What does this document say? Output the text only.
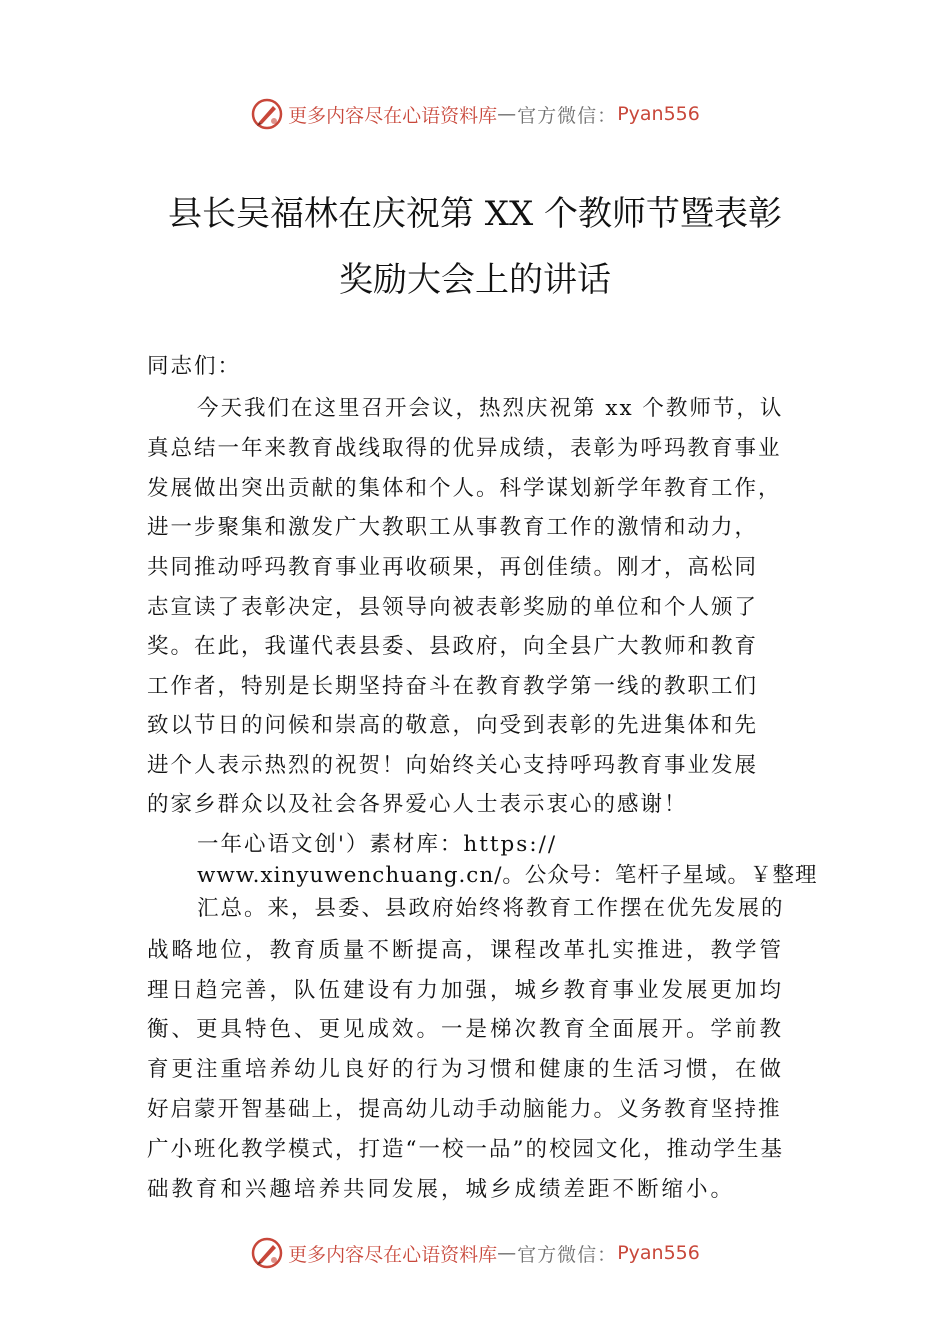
更多内容尽在心语资料库 — 官方微信： Pyan556
县长吴福林在庆祝第 XX 个教师节暨表彰
奖励大会上的讲话
同志们：
今天我们在这里召开会议，热烈庆祝第 xx 个教师节，认
真总结一年来教育战线取得的优异成绩，表彰为呼玛教育事业
发展做出突出贡献的集体和个人。科学谋划新学年教育工作，
进一步聚集和激发广大教职工从事教育工作的激情和动力，
共同推动呼玛教育事业再收硕果，再创佳绩。刚才，高松同
志宣读了表彰决定，县领导向被表彰奖励的单位和个人颁了
奖。在此，我谨代表县委、县政府，向全县广大教师和教育
工作者，特别是长期坚持奋斗在教育教学第一线的教职工们
致以节日的问候和崇高的敬意，向受到表彰的先进集体和先
进个人表示热烈的祝贺！向始终关心支持呼玛教育事业发展
的家乡群众以及社会各界爱心人士表示衷心的感谢！
一年心语文创'）素材库：https://
www.xinyuwenchuang.cn/。公众号：笔杆子星域。￥整理
汇总。来，县委、县政府始终将教育工作摆在优先发展的
战略地位，教育质量不断提高，课程改革扎实推进，教学管
理日趋完善，队伍建设有力加强，城乡教育事业发展更加均
衡、更具特色、更见成效。一是梯次教育全面展开。学前教
育更注重培养幼儿良好的行为习惯和健康的生活习惯，在做
好启蒙开智基础上，提高幼儿动手动脑能力。义务教育坚持推
广小班化教学模式，打造“一校一品”的校园文化，推动学生基
础教育和兴趣培养共同发展，城乡成绩差距不断缩小。
更多内容尽在心语资料库 — 官方微信： Pyan556
